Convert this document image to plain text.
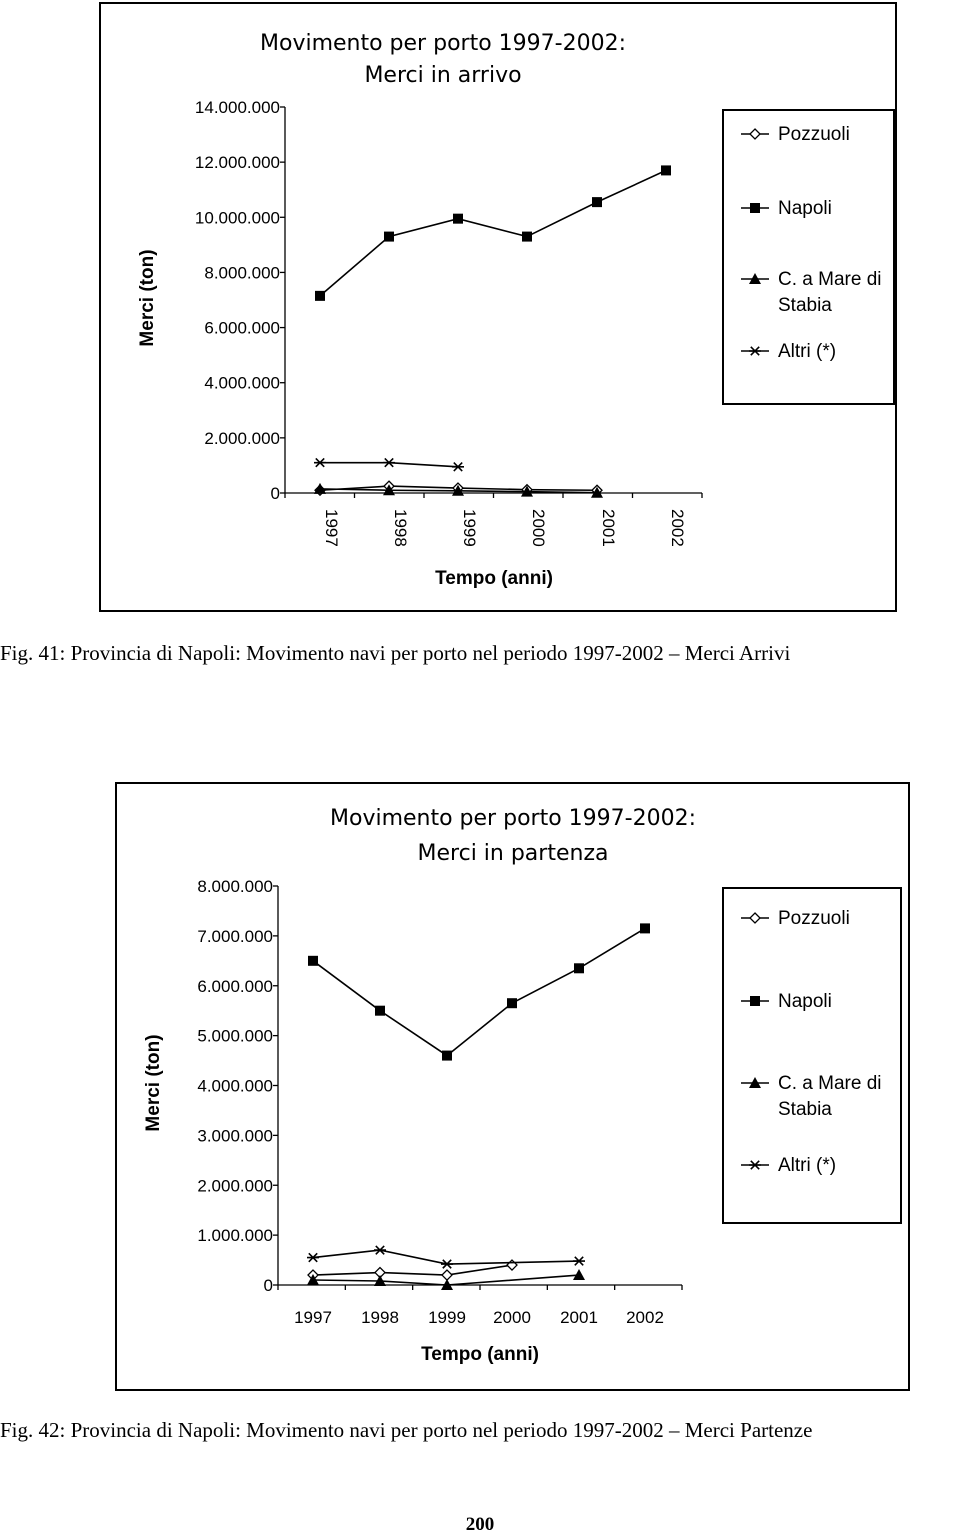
Movimento per porto 1997-2002:
Merci in arrivo
0
2.000.000
4.000.000
6.000.000
8.000.000
10.000.000
12.000.000
14.000.000
1997	1998	1999	2000	2001	2002
Tempo (anni)
Merci (ton)
Pozzuoli
Napoli
C. a Mare di Stabia
Altri (*)
Movimento per porto 1997-2002:
Merci in partenza
0
1.000.000
2.000.000
3.000.000
4.000.000
5.000.000
6.000.000
7.000.000
8.000.000
1997 1998 1999 2000 2001 2002
Tempo (anni)
Merci (ton)
Pozzuoli
Napoli
C. a Mare di Stabia
Altri (*)
Fig. 41: Provincia di Napoli: Movimento navi per porto nel periodo 1997-2002 – Merci Arrivi
Fig. 42: Provincia di Napoli: Movimento navi per porto nel periodo 1997-2002 – Merci Partenze
200
